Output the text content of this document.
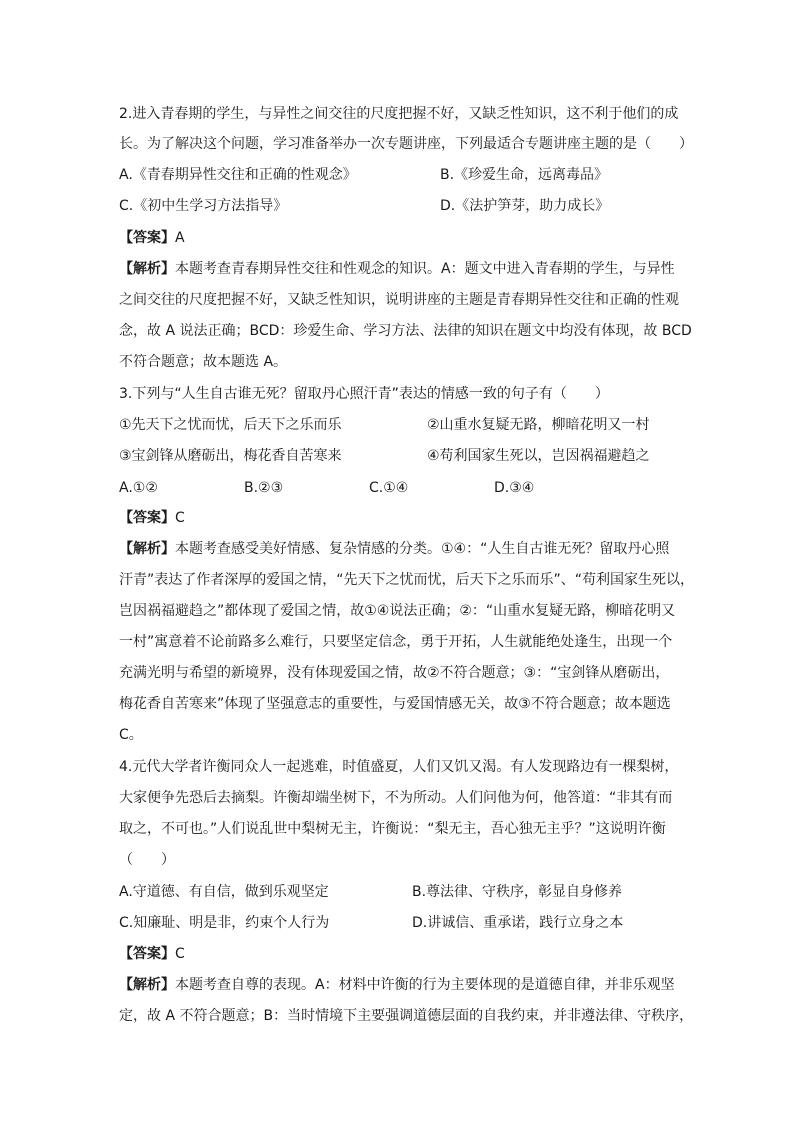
2.进入青春期的学生，与异性之间交往的尺度把握不好，又缺乏性知识，这不利于他们的成
长。为了解决这个问题，学习准备举办一次专题讲座，下列最适合专题讲座主题的是（　　）
A.《青春期异性交往和正确的性观念》	B.《珍爱生命，远离毒品》
C.《初中生学习方法指导》	D.《法护笋芽，助力成长》
【答案】A
【解析】本题考查青春期异性交往和性观念的知识。A：题文中进入青春期的学生，与异性
之间交往的尺度把握不好，又缺乏性知识，说明讲座的主题是青春期异性交往和正确的性观
念，故 A 说法正确；BCD：珍爱生命、学习方法、法律的知识在题文中均没有体现，故 BCD
不符合题意；故本题选 A。
3.下列与“人生自古谁无死？留取丹心照汗青”表达的情感一致的句子有（　　）
①先天下之忧而忧，后天下之乐而乐	②山重水复疑无路，柳暗花明又一村
③宝剑锋从磨砺出，梅花香自苦寒来	④苟利国家生死以，岂因祸福避趋之
A.①②	B.②③	C.①④	D.③④
【答案】C
【解析】本题考查感受美好情感、复杂情感的分类。①④：“人生自古谁无死？留取丹心照
汗青”表达了作者深厚的爱国之情，“先天下之忧而忧，后天下之乐而乐”、“苟利国家生死以，
岂因祸福避趋之”都体现了爱国之情，故①④说法正确；②：“山重水复疑无路，柳暗花明又
一村”寓意着不论前路多么难行，只要坚定信念，勇于开拓，人生就能绝处逢生，出现一个
充满光明与希望的新境界，没有体现爱国之情，故②不符合题意；③：“宝剑锋从磨砺出，
梅花香自苦寒来”体现了坚强意志的重要性，与爱国情感无关，故③不符合题意；故本题选
C。
4.元代大学者许衡同众人一起逃难，时值盛夏，人们又饥又渴。有人发现路边有一棵梨树，
大家便争先恐后去摘梨。许衡却端坐树下，不为所动。人们问他为何，他答道：“非其有而
取之，不可也。”人们说乱世中梨树无主，许衡说：“梨无主，吾心独无主乎？”这说明许衡
（　　）
A.守道德、有自信，做到乐观坚定	B.尊法律、守秩序，彰显自身修养
C.知廉耻、明是非，约束个人行为	D.讲诚信、重承诺，践行立身之本
【答案】C
【解析】本题考查自尊的表现。A：材料中许衡的行为主要体现的是道德自律，并非乐观坚
定，故 A 不符合题意；B：当时情境下主要强调道德层面的自我约束，并非遵法律、守秩序，
